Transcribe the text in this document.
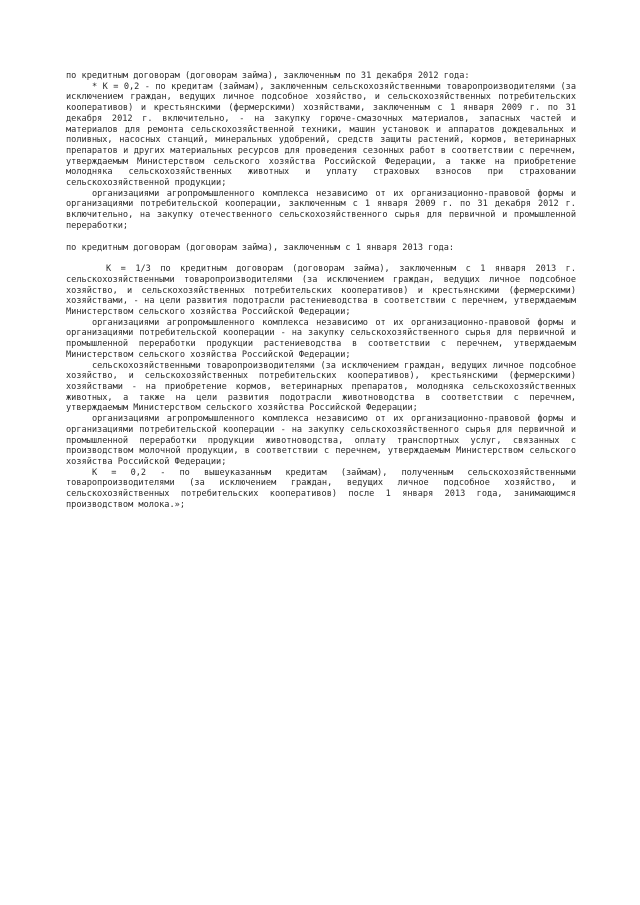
по кредитным договорам (договорам займа), заключенным по 31 декабря 2012 года:

* K = 0,2 - по кредитам (займам), заключенным сельскохозяйственными товаропроизводителями (за исключением граждан, ведущих личное подсобное хозяйство, и сельскохозяйственных потребительских кооперативов) и крестьянскими (фермерскими) хозяйствами, заключенным с 1 января 2009 г. по 31 декабря 2012 г. включительно, - на закупку горюче-смазочных материалов, запасных частей и материалов для ремонта сельскохозяйственной техники, машин установок и аппаратов дождевальных и поливных, насосных станций, минеральных удобрений, средств защиты растений, кормов, ветеринарных препаратов и других материальных ресурсов для проведения сезонных работ в соответствии с перечнем, утверждаемым Министерством сельского хозяйства Российской Федерации, а также на приобретение молодняка сельскохозяйственных животных и уплату страховых взносов при страховании сельскохозяйственной продукции;

организациями агропромышленного комплекса независимо от их организационно-правовой формы и организациями потребительской кооперации, заключенным с 1 января 2009 г. по 31 декабря 2012 г. включительно, на закупку отечественного сельскохозяйственного сырья для первичной и промышленной переработки;

по кредитным договорам (договорам займа), заключенным с 1 января 2013 года:

K = 1/3 по кредитным договорам (договорам займа), заключенным с 1 января 2013 г. сельскохозяйственными товаропроизводителями (за исключением граждан, ведущих личное подсобное хозяйство, и сельскохозяйственных потребительских кооперативов) и крестьянскими (фермерскими) хозяйствами, - на цели развития подотрасли растениеводства в соответствии с перечнем, утверждаемым Министерством сельского хозяйства Российской Федерации;

организациями агропромышленного комплекса независимо от их организационно-правовой формы и организациями потребительской кооперации - на закупку сельскохозяйственного сырья для первичной и промышленной переработки продукции растениеводства в соответствии с перечнем, утверждаемым Министерством сельского хозяйства Российской Федерации;

сельскохозяйственными товаропроизводителями (за исключением граждан, ведущих личное подсобное хозяйство, и сельскохозяйственных потребительских кооперативов), крестьянскими (фермерскими) хозяйствами - на приобретение кормов, ветеринарных препаратов, молодняка сельскохозяйственных животных, а также на цели развития подотрасли животноводства в соответствии с перечнем, утверждаемым Министерством сельского хозяйства Российской Федерации;

организациями агропромышленного комплекса независимо от их организационно-правовой формы и организациями потребительской кооперации - на закупку сельскохозяйственного сырья для первичной и промышленной переработки продукции животноводства, оплату транспортных услуг, связанных с производством молочной продукции, в соответствии с перечнем, утверждаемым Министерством сельского хозяйства Российской Федерации;

K = 0,2 - по вышеуказанным кредитам (займам), полученным сельскохозяйственными товаропроизводителями (за исключением граждан, ведущих личное подсобное хозяйство, и сельскохозяйственных потребительских кооперативов) после 1 января 2013 года, занимающимся производством молока.»;
